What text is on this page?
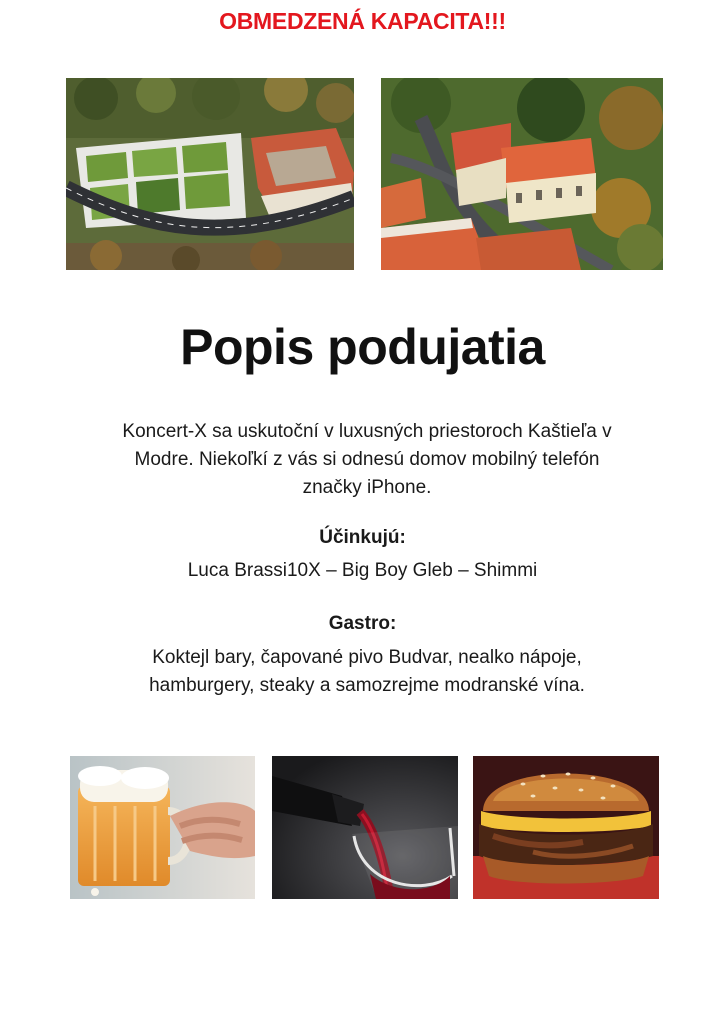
OBMEDZENÁ KAPACITA!!!
Popis podujatia
Koncert-X sa uskutoční v luxusných priestoroch Kaštieľa v Modre. Niekoľkí z vás si odnesú domov mobilný telefón značky iPhone.
Účinkujú:
Luca Brassi10X – Big Boy Gleb – Shimmi
Gastro:
Koktejl bary, čapované pivo Budvar, nealko nápoje, hamburgery, steaky a samozrejme modranské vína.
